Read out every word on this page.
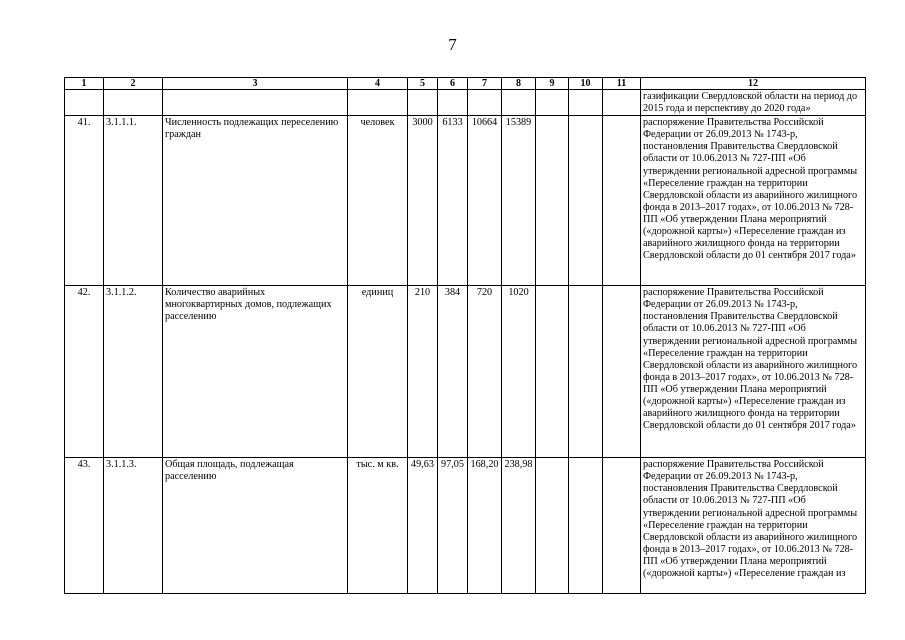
7
1	2	3	4	5	6	7	8	9	10	11	12
											газификации Свердловской области на период до 2015 года и перспективу до 2020 года»
41.	3.1.1.1.	Численность подлежащих переселению граждан	человек	3000	6133	10664	15389				распоряжение Правительства Российской Федерации от 26.09.2013 № 1743-р, постановления Правительства Свердловской области от 10.06.2013 № 727-ПП «Об утверждении региональной адресной программы «Переселение граждан на территории Свердловской области из аварийного жилищного фонда в 2013–2017 годах», от 10.06.2013 № 728-ПП «Об утверждении Плана мероприятий («дорожной карты») «Переселение граждан из аварийного жилищного фонда на территории Свердловской области до 01 сентября 2017 года»
42.	3.1.1.2.	Количество аварийных многоквартирных домов, подлежащих расселению	единиц	210	384	720	1020				распоряжение Правительства Российской Федерации от 26.09.2013 № 1743-р, постановления Правительства Свердловской области от 10.06.2013 № 727-ПП «Об утверждении региональной адресной программы «Переселение граждан на территории Свердловской области из аварийного жилищного фонда в 2013–2017 годах», от 10.06.2013 № 728-ПП «Об утверждении Плана мероприятий («дорожной карты») «Переселение граждан из аварийного жилищного фонда на территории Свердловской области до 01 сентября 2017 года»
43.	3.1.1.3.	Общая площадь, подлежащая расселению	тыс. м кв.	49,63	97,05	168,20	238,98				распоряжение Правительства Российской Федерации от 26.09.2013 № 1743-р, постановления Правительства Свердловской области от 10.06.2013 № 727-ПП «Об утверждении региональной адресной программы «Переселение граждан на территории Свердловской области из аварийного жилищного фонда в 2013–2017 годах», от 10.06.2013 № 728-ПП «Об утверждении Плана мероприятий («дорожной карты») «Переселение граждан из
